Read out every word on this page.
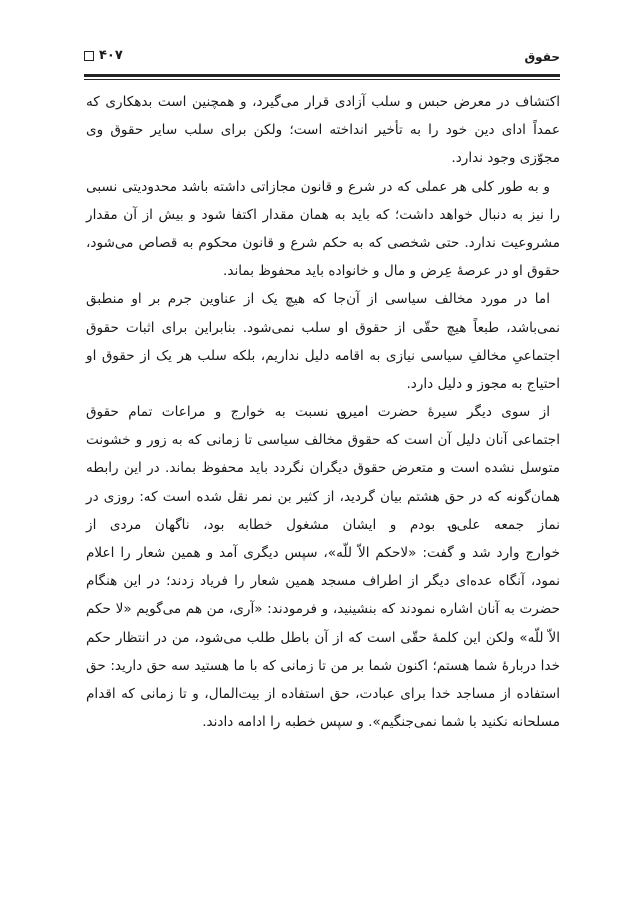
حقوق
۴۰۷
اکتشاف در معرض حبس و سلب آزادی قرار می‌گیرد، و همچنین است بدهکاری که
عمداً ادای دین خود را به تأخیر انداخته است؛ ولکن برای سلب سایر حقوق وی
مجوّزی وجود ندارد.
و به طور کلی هر عملی که در شرع و قانون مجازاتی داشته باشد محدودیتی نسبی
را نیز به دنبال خواهد داشت؛ که باید به همان مقدار اکتفا شود و بیش از آن مقدار
مشروعیت ندارد. حتی شخصی که به حکم شرع و قانون محکوم به قصاص می‌شود،
حقوق او در عرصهٔ عِرض و مال و خانواده باید محفوظ بماند.
اما در مورد مخالف سیاسی از آن‌جا که هیچ یک از عناوین جرم بر او منطبق
نمی‌باشد، طبعاً هیچ حقّی از حقوق او سلب نمی‌شود. بنابراین برای اثبات حقوق
اجتماعیِ مخالفِ سیاسی نیازی به اقامه دلیل نداریم، بلکه سلب هر یک از حقوق او
احتیاج به مجوز و دلیل دارد.
از سوی دیگر سیرهٔ حضرت امیر؈ نسبت به خوارج و مراعات تمام حقوق
اجتماعی آنان دلیل آن است که حقوق مخالف سیاسی تا زمانی که به زور و خشونت
متوسل نشده است و متعرض حقوق دیگران نگردد باید محفوظ بماند. در این رابطه
همان‌گونه که در حق هشتم بیان گردید، از کثیر بن نمر نقل شده است که: روزی در
نماز جمعه علی؈ بودم و ایشان مشغول خطابه بود، ناگهان مردی از
خوارج وارد شد و گفت: «لاحکم الاّ للّه»، سپس دیگری آمد و همین شعار را اعلام
نمود، آنگاه عده‌ای دیگر از اطراف مسجد همین شعار را فریاد زدند؛ در این هنگام
حضرت به آنان اشاره نمودند که بنشینید، و فرمودند: «آری، من هم می‌گویم «لا حکم
الاّ للّه» ولکن این کلمهٔ حقّی است که از آن باطل طلب می‌شود، من در انتظار حکم
خدا دربارهٔ شما هستم؛ اکنون شما بر من تا زمانی که با ما هستید سه حق دارید: حق
استفاده از مساجد خدا برای عبادت، حق استفاده از بیت‌المال، و تا زمانی که اقدام
مسلحانه نکنید با شما نمی‌جنگیم». و سپس خطبه را ادامه دادند.
